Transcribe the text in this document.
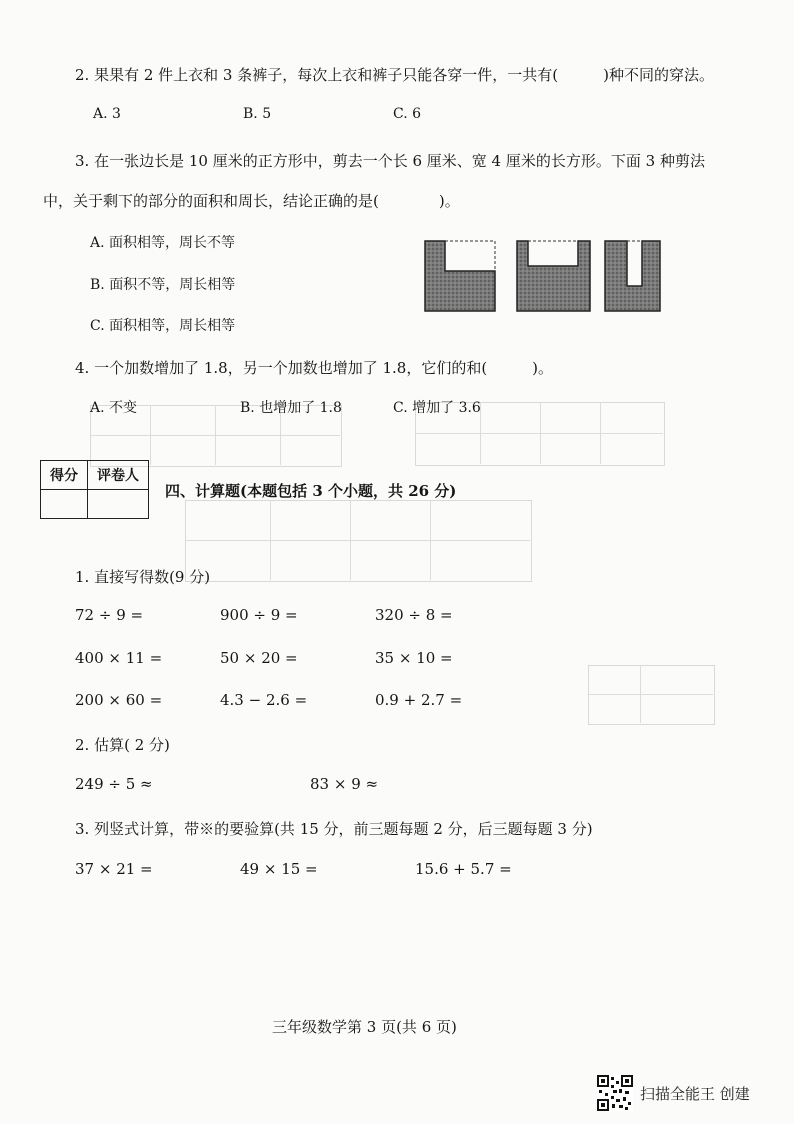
2. 果果有 2 件上衣和 3 条裤子，每次上衣和裤子只能各穿一件，一共有(　　　)种不同的穿法。
A. 3	B. 5	C. 6
3. 在一张边长是 10 厘米的正方形中，剪去一个长 6 厘米、宽 4 厘米的长方形。下面 3 种剪法
中，关于剩下的部分的面积和周长，结论正确的是(　　　　)。
A. 面积相等，周长不等
B. 面积不等，周长相等
C. 面积相等，周长相等
4. 一个加数增加了 1.8，另一个加数也增加了 1.8，它们的和(　　　)。
A. 不变	B. 也增加了 1.8	C. 增加了 3.6
得分	评卷人

四、计算题(本题包括 3 个小题，共 26 分)
1. 直接写得数(9 分)
72 ÷ 9 =	900 ÷ 9 =	320 ÷ 8 =
400 × 11 =	50 × 20 =	35 × 10 =
200 × 60 =	4.3 − 2.6 =	0.9 + 2.7 =
2. 估算( 2 分)
249 ÷ 5 ≈	83 × 9 ≈
3. 列竖式计算，带※的要验算(共 15 分，前三题每题 2 分，后三题每题 3 分)
37 × 21 =	49 × 15 =	15.6 + 5.7 =
三年级数学第 3 页(共 6 页)
扫描全能王 创建
